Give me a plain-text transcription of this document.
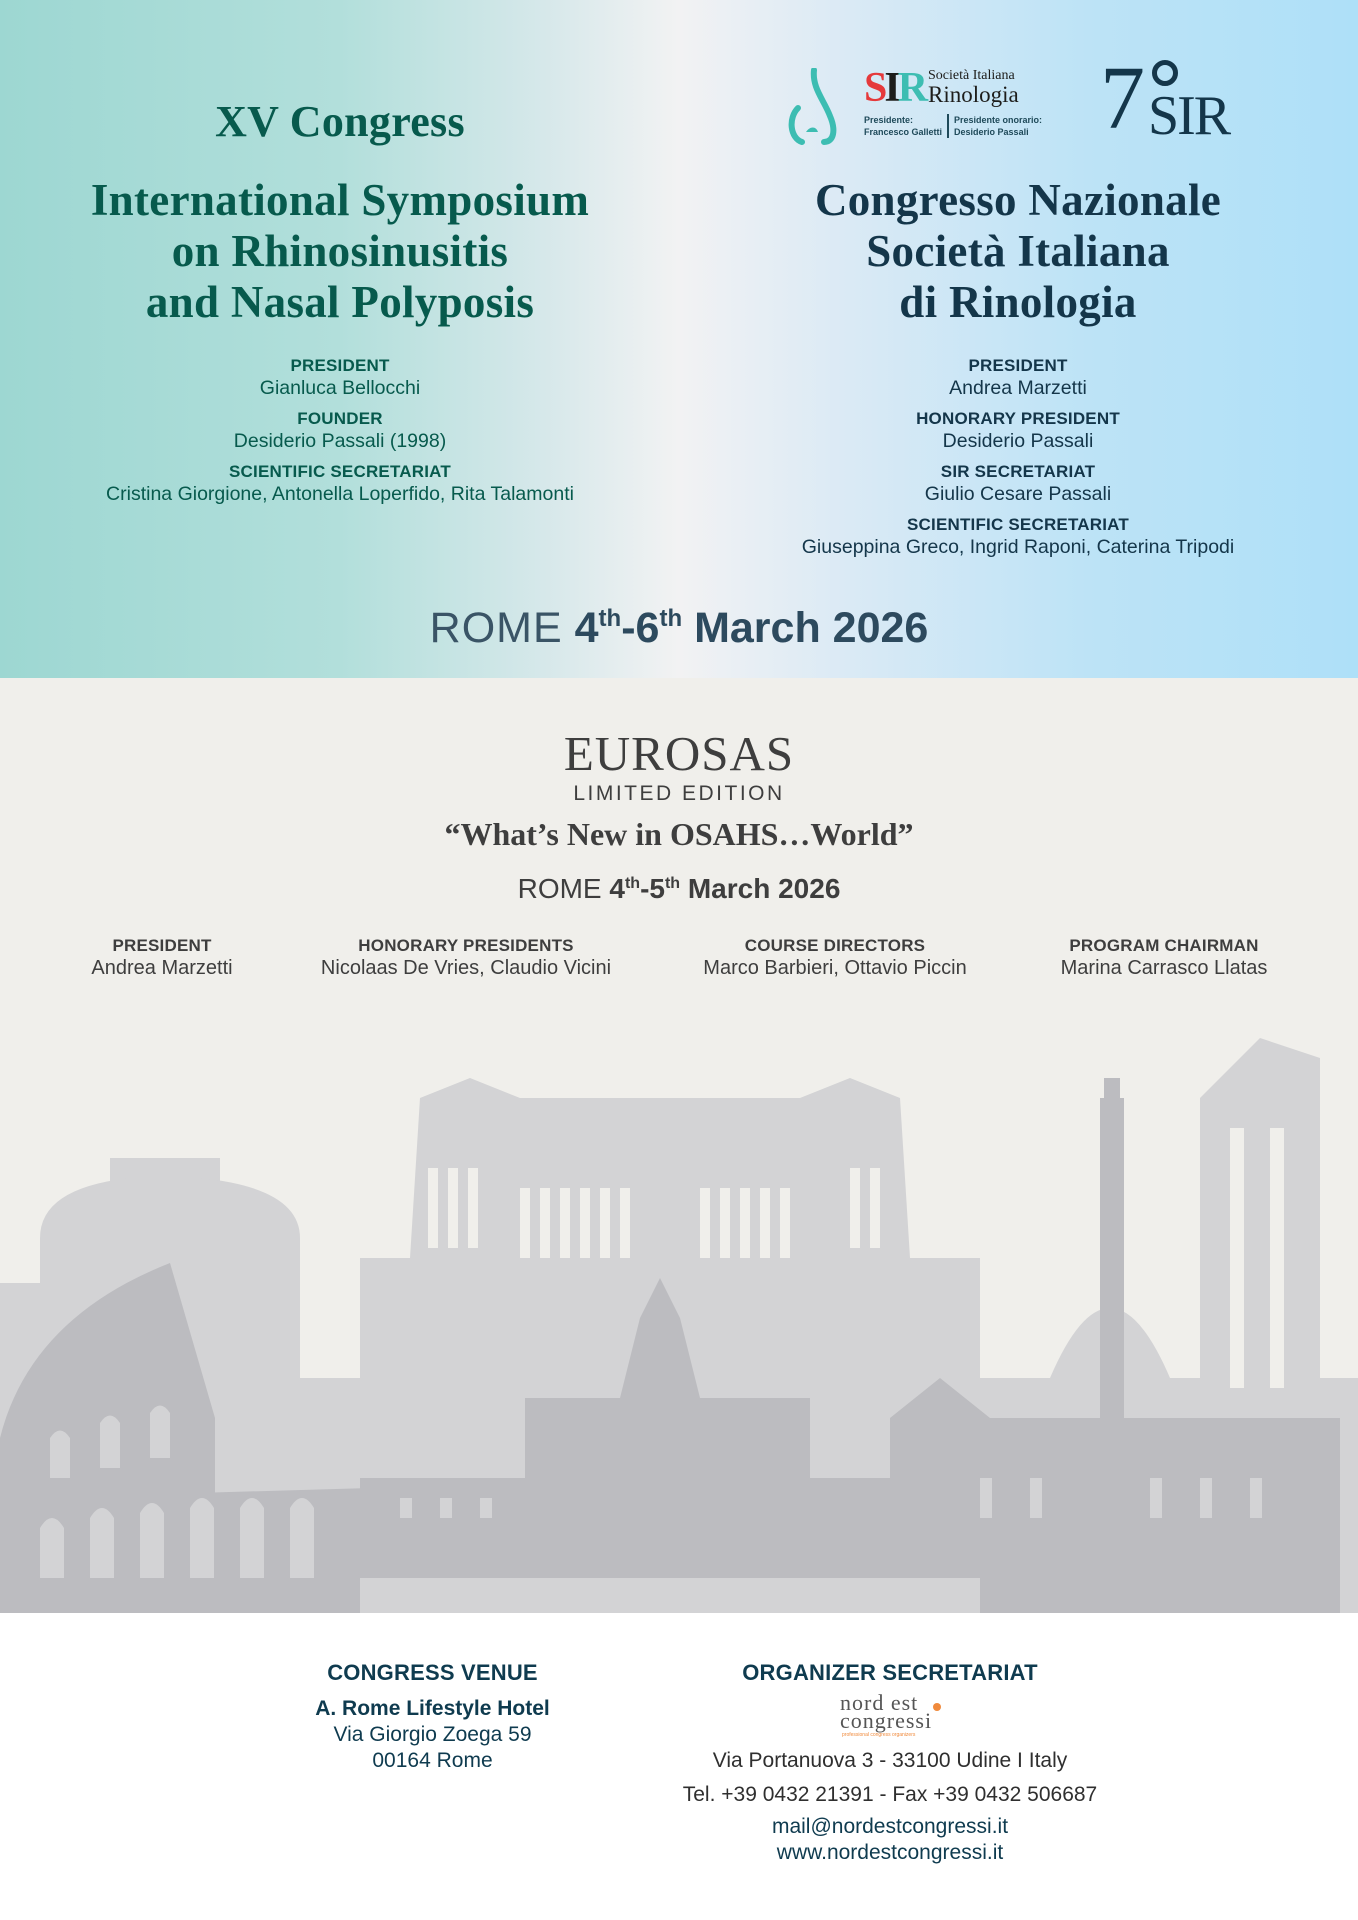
XV Congress
International Symposium
on Rhinosinusitis
and Nasal Polyposis
PRESIDENT
Gianluca Bellocchi
FOUNDER
Desiderio Passali (1998)
SCIENTIFIC SECRETARIAT
Cristina Giorgione, Antonella Loperfido, Rita Talamonti
SIR Società Italiana
Rinologia
Presidente:
Francesco Galletti
Presidente onorario:
Desiderio Passali 7 SIR
Congresso Nazionale
Società Italiana
di Rinologia
PRESIDENT
Andrea Marzetti
HONORARY PRESIDENT
Desiderio Passali
SIR SECRETARIAT
Giulio Cesare Passali
SCIENTIFIC SECRETARIAT
Giuseppina Greco, Ingrid Raponi, Caterina Tripodi
ROME 4th-6th March 2026
EUROSAS
LIMITED EDITION
“What’s New in OSAHS…World”
ROME 4th-5th March 2026
PRESIDENT
Andrea Marzetti
HONORARY PRESIDENTS
Nicolaas De Vries, Claudio Vicini
COURSE DIRECTORS
Marco Barbieri, Ottavio Piccin
PROGRAM CHAIRMAN
Marina Carrasco Llatas
CONGRESS VENUE
A. Rome Lifestyle Hotel
Via Giorgio Zoega 59
00164 Rome
ORGANIZER SECRETARIAT
nord est
congressi
professional congress organizers
Via Portanuova 3 - 33100 Udine I Italy
Tel. +39 0432 21391 - Fax +39 0432 506687
mail@nordestcongressi.it
www.nordestcongressi.it
